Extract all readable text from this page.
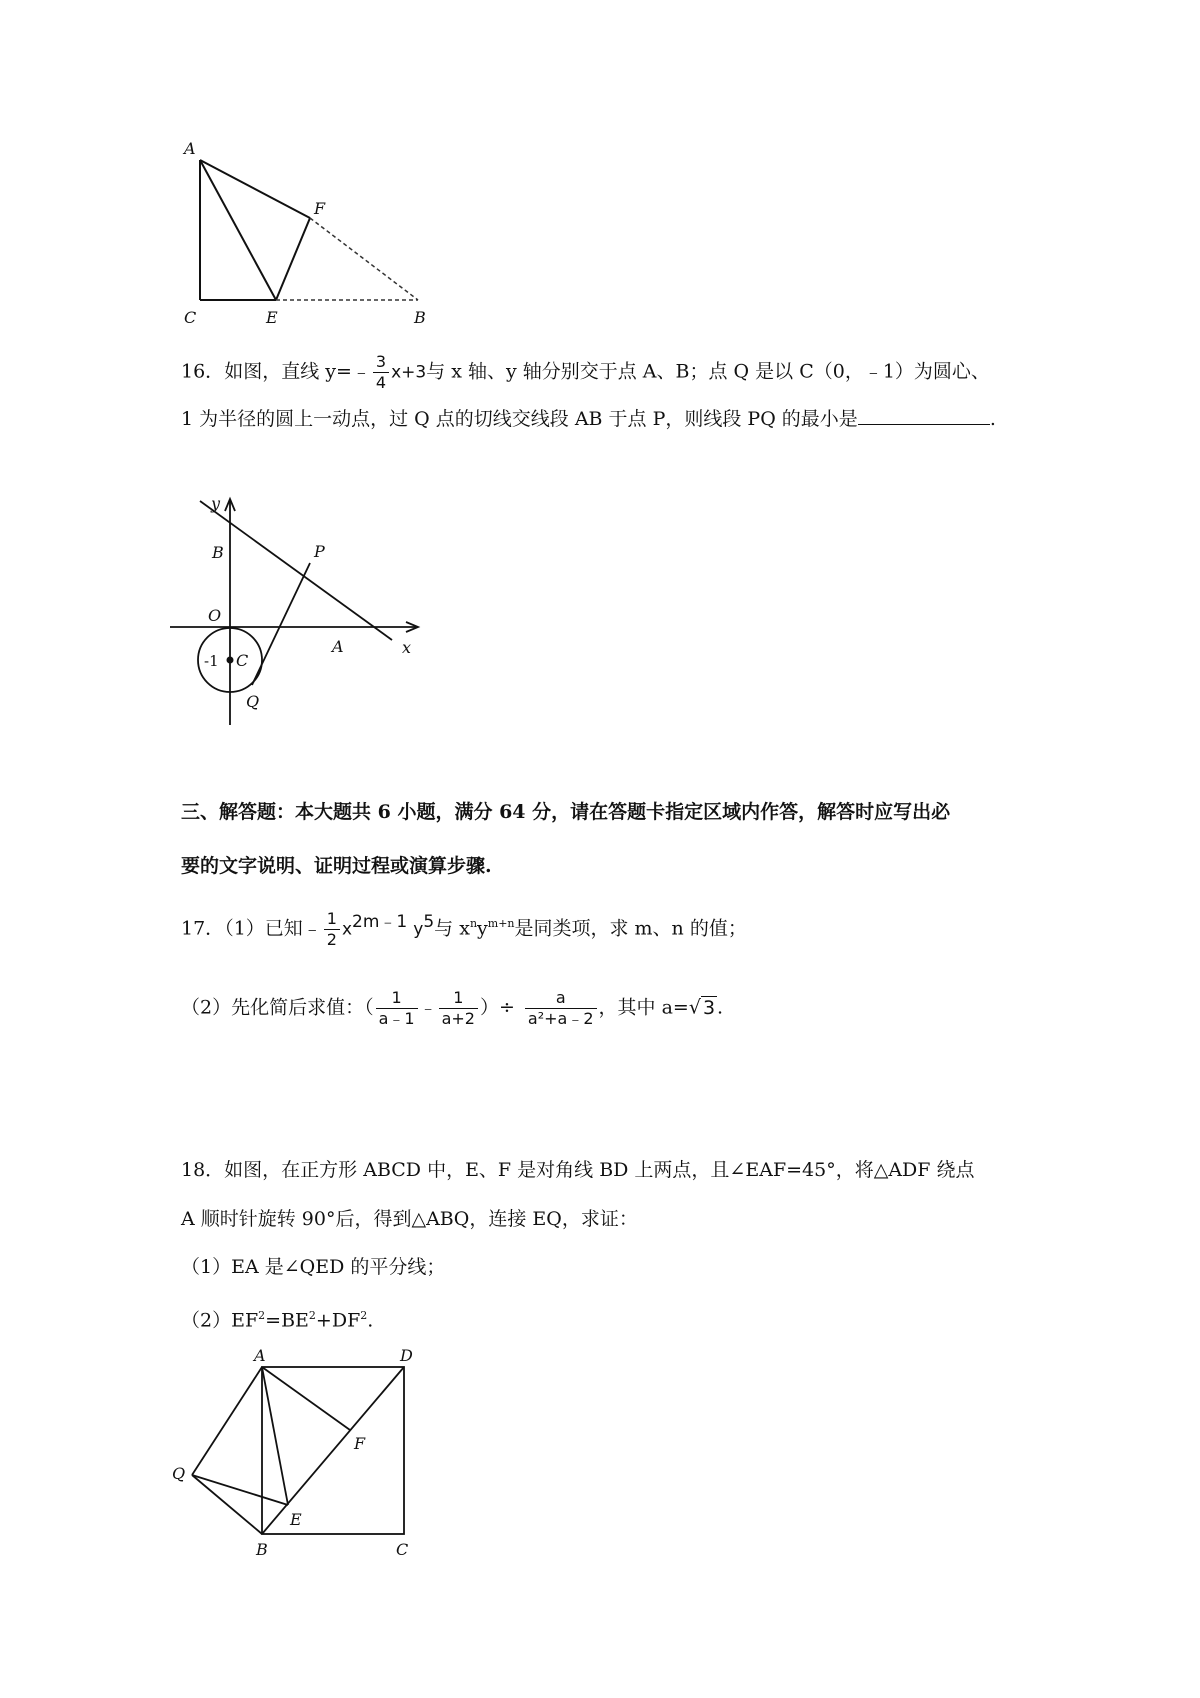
A
F
C	E	B
16．如图，直线 y=﹣ $\frac{3}{4} x+3$与 x 轴、y 轴分别交于点 A、B；点 Q 是以 C（0，﹣1）为圆心、
1 为半径的圆上一动点，过 Q 点的切线交线段 AB 于点 P，则线段 PQ 的最小是	.
y
B	P
O
A	x
-1 C
Q
三、解答题：本大题共 6 小题，满分 64 分，请在答题卡指定区域内作答，解答时应写出必
要的文字说明、证明过程或演算步骤.
17．（1）已知﹣ $\frac{1}{2} x^{2m﹣1}$ $y^5$与 $x^ny^{m+n}$是同类项，求 m、n 的值；
（2）先化简后求值：（ $\frac{1}{a﹣1}$ ﹣ $\frac{1}{a+2}$ ）÷ $\frac{a}{\text{a²+a﹣2}}$ ，其中 a=√ 3 .
18．如图，在正方形 ABCD 中，E、F 是对角线 BD 上两点，且∠EAF=45°，将△ADF 绕点
A 顺时针旋转 90°后，得到△ABQ，连接 EQ，求证：
（1）EA 是∠QED 的平分线；
$(2)EF^2=BE^2+DF^2$.
A	D
F
Q
E
B	C
